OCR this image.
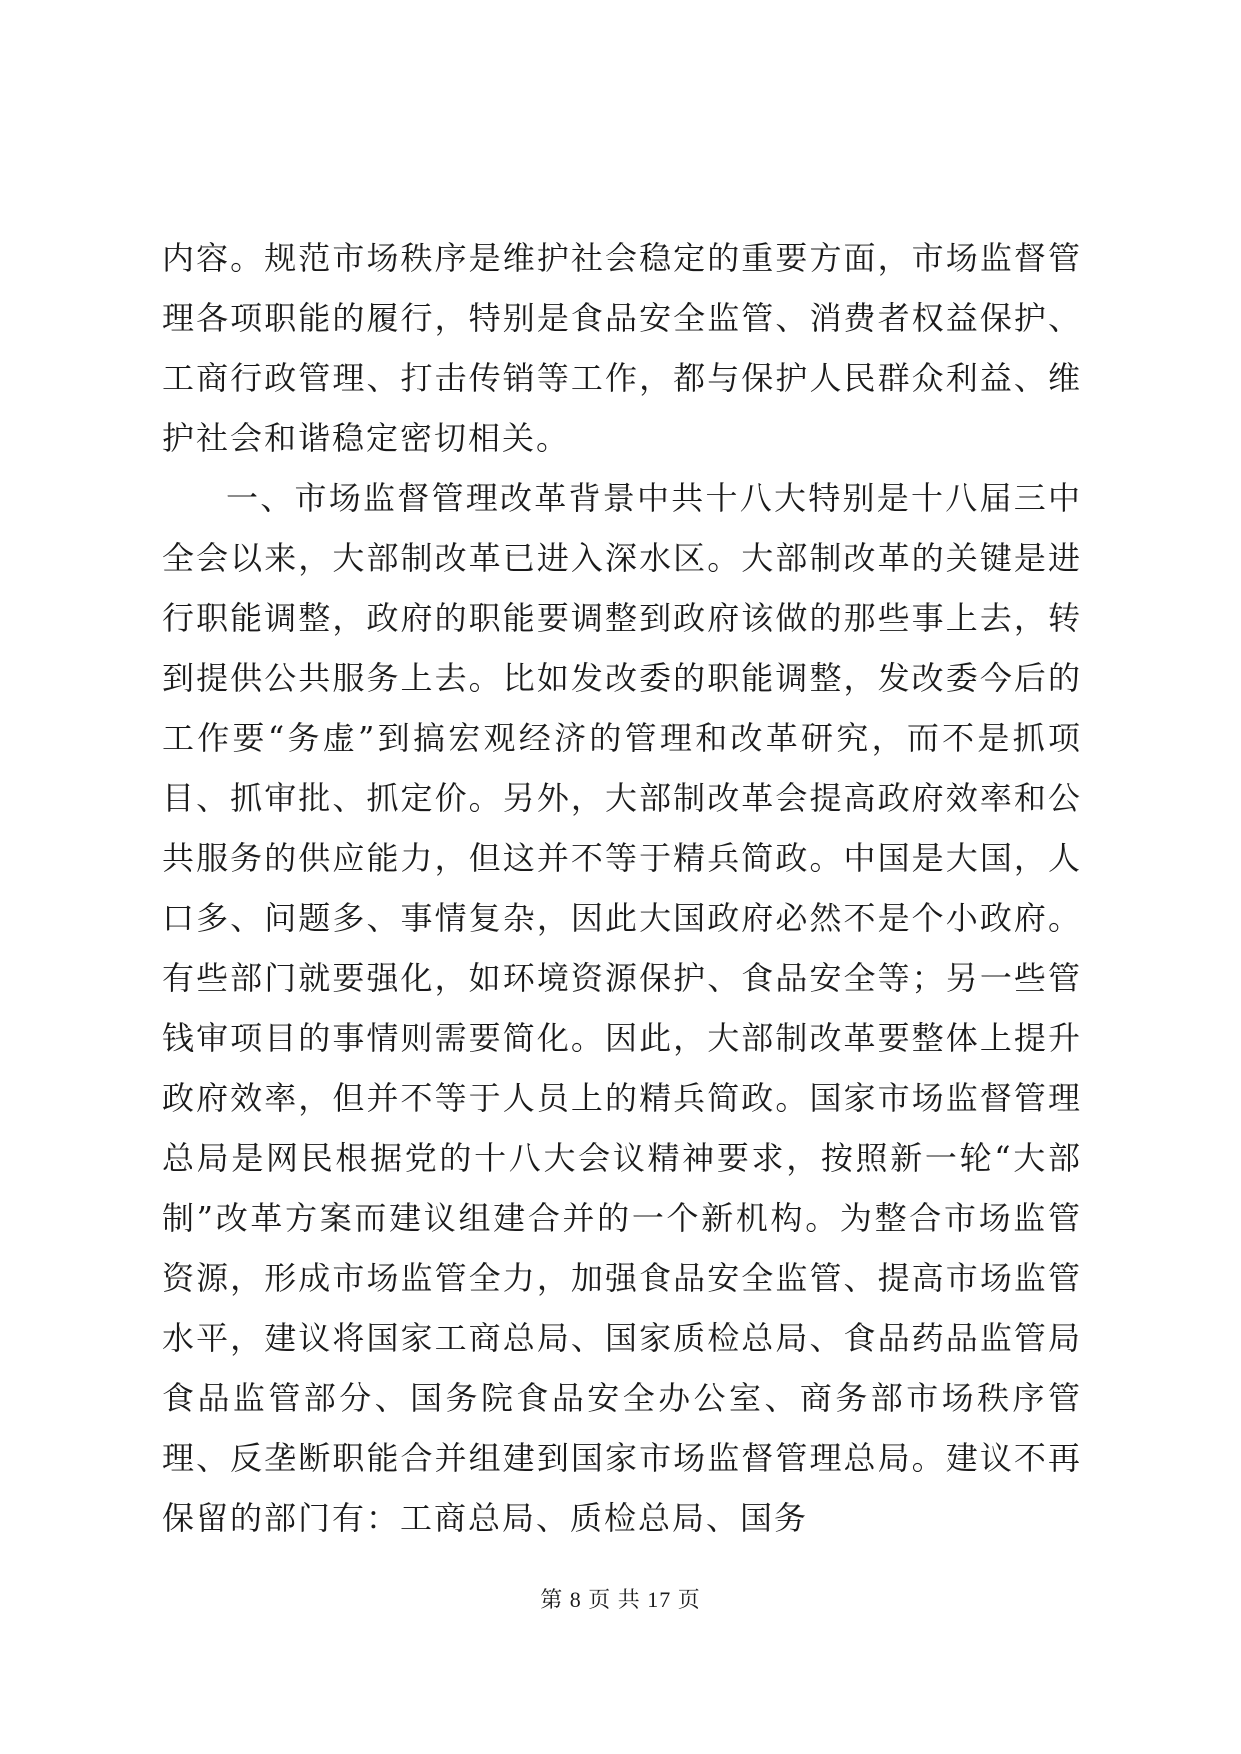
内容。规范市场秩序是维护社会稳定的重要方面，市场监督管理各项职能的履行，特别是食品安全监管、消费者权益保护、工商行政管理、打击传销等工作，都与保护人民群众利益、维护社会和谐稳定密切相关。

一、市场监督管理改革背景中共十八大特别是十八届三中全会以来，大部制改革已进入深水区。大部制改革的关键是进行职能调整，政府的职能要调整到政府该做的那些事上去，转到提供公共服务上去。比如发改委的职能调整，发改委今后的工作要“务虚”到搞宏观经济的管理和改革研究，而不是抓项目、抓审批、抓定价。另外，大部制改革会提高政府效率和公共服务的供应能力，但这并不等于精兵简政。中国是大国，人口多、问题多、事情复杂，因此大国政府必然不是个小政府。有些部门就要强化，如环境资源保护、食品安全等；另一些管钱审项目的事情则需要简化。因此，大部制改革要整体上提升政府效率，但并不等于人员上的精兵简政。国家市场监督管理总局是网民根据党的十八大会议精神要求，按照新一轮“大部制”改革方案而建议组建合并的一个新机构。为整合市场监管资源，形成市场监管全力，加强食品安全监管、提高市场监管水平，建议将国家工商总局、国家质检总局、食品药品监管局食品监管部分、国务院食品安全办公室、商务部市场秩序管理、反垄断职能合并组建到国家市场监督管理总局。建议不再保留的部门有：工商总局、质检总局、国务

第 8 页 共 17 页
